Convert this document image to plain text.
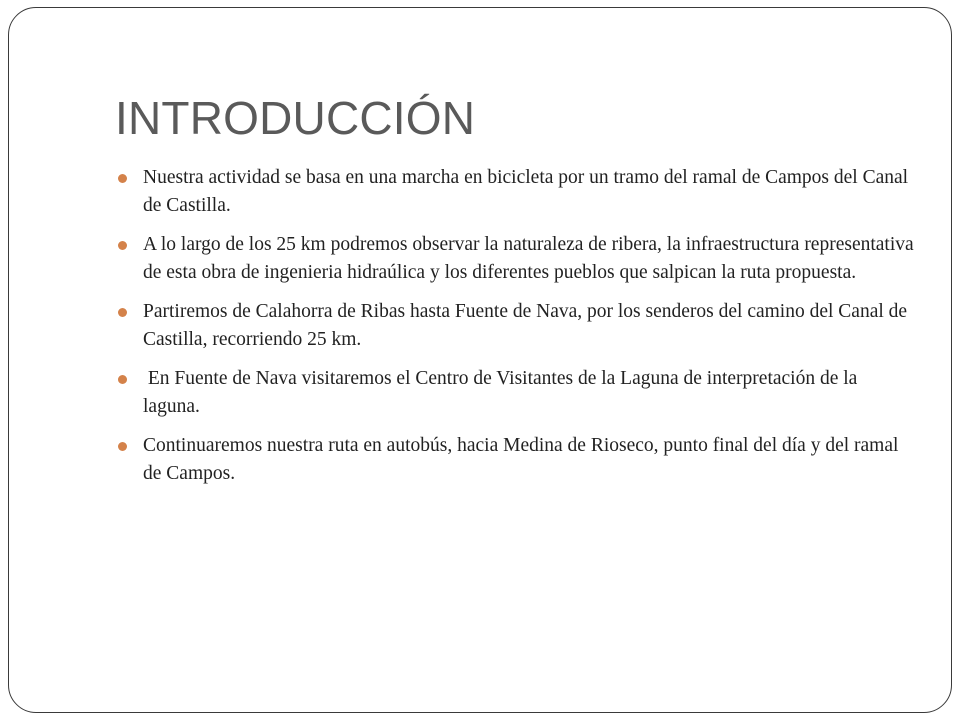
INTRODUCCIÓN
Nuestra actividad se basa en una marcha en bicicleta por un tramo del ramal de Campos del Canal de Castilla.
A lo largo de los 25 km podremos observar la naturaleza de ribera, la infraestructura representativa de esta obra de ingenieria hidraúlica y los diferentes pueblos que salpican la ruta propuesta.
Partiremos de Calahorra de Ribas hasta Fuente de Nava, por los senderos del camino del Canal de Castilla, recorriendo 25 km.
En Fuente de Nava visitaremos el Centro de Visitantes de la Laguna de interpretación de la laguna.
Continuaremos nuestra ruta en autobús, hacia Medina de Rioseco, punto final del día y del ramal de Campos.
